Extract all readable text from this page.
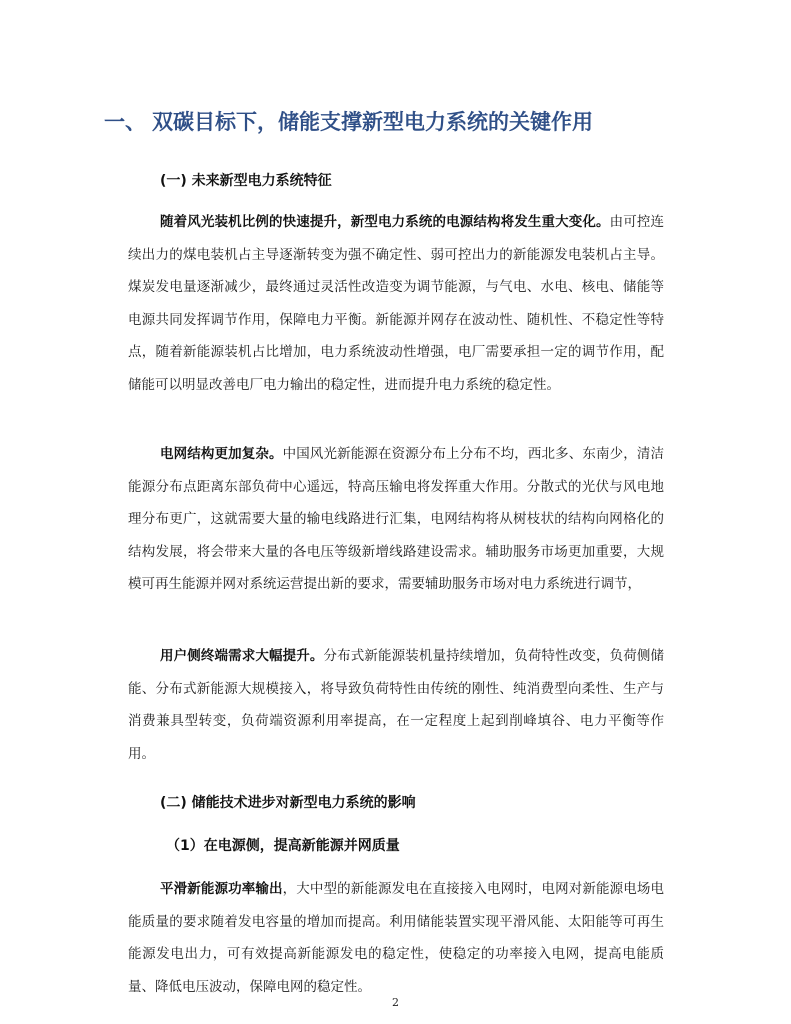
一、 双碳目标下，储能支撑新型电力系统的关键作用
(一) 未来新型电力系统特征

随着风光装机比例的快速提升，新型电力系统的电源结构将发生重大变化。由可控连续出力的煤电装机占主导逐渐转变为强不确定性、弱可控出力的新能源发电装机占主导。煤炭发电量逐渐减少，最终通过灵活性改造变为调节能源，与气电、水电、核电、储能等电源共同发挥调节作用，保障电力平衡。新能源并网存在波动性、随机性、不稳定性等特点，随着新能源装机占比增加，电力系统波动性增强，电厂需要承担一定的调节作用，配储能可以明显改善电厂电力输出的稳定性，进而提升电力系统的稳定性。

电网结构更加复杂。中国风光新能源在资源分布上分布不均，西北多、东南少，清洁能源分布点距离东部负荷中心遥远，特高压输电将发挥重大作用。分散式的光伏与风电地理分布更广，这就需要大量的输电线路进行汇集，电网结构将从树枝状的结构向网格化的结构发展，将会带来大量的各电压等级新增线路建设需求。辅助服务市场更加重要，大规模可再生能源并网对系统运营提出新的要求，需要辅助服务市场对电力系统进行调节，

用户侧终端需求大幅提升。分布式新能源装机量持续增加，负荷特性改变，负荷侧储能、分布式新能源大规模接入，将导致负荷特性由传统的刚性、纯消费型向柔性、生产与消费兼具型转变，负荷端资源利用率提高，在一定程度上起到削峰填谷、电力平衡等作用。

(二) 储能技术进步对新型电力系统的影响
（1）在电源侧，提高新能源并网质量

平滑新能源功率输出，大中型的新能源发电在直接接入电网时，电网对新能源电场电能质量的要求随着发电容量的增加而提高。利用储能装置实现平滑风能、太阳能等可再生能源发电出力，可有效提高新能源发电的稳定性，使稳定的功率接入电网，提高电能质量、降低电压波动，保障电网的稳定性。

2
